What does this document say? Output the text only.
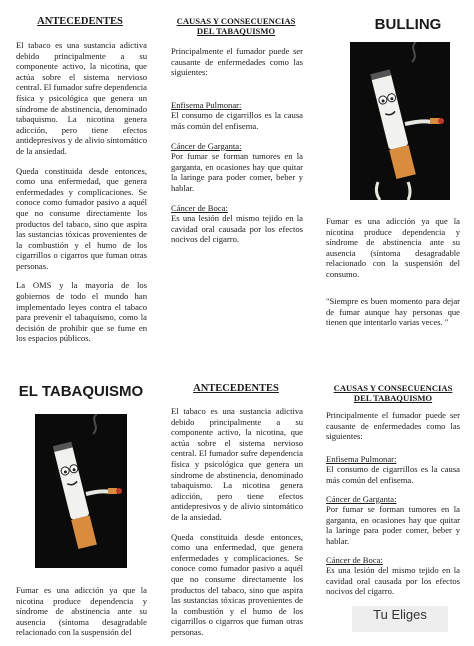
ANTECEDENTES

El tabaco es una sustancia adictiva debido principalmente a su componente activo, la nicotina, que actúa sobre el sistema nervioso central. El fumador sufre dependencia física y psicológica que genera un síndrome de abstinencia, denominado tabaquismo. La nicotina genera adicción, pero tiene efectos antidepresivos y de alivio sintomático de la ansiedad.

Queda constituida desde entonces, como una enfermedad, que genera enfermedades y complicaciones. Se conoce como fumador pasivo a aquél que no consume directamente los productos del tabaco, sino que aspira las sustancias tóxicas provenientes de la combustión y el humo de los cigarrillos o cigarros que fuman otras personas.

La OMS y la mayoría de los gobiernos de todo el mundo han implementado leyes contra el tabaco para prevenir el tabaquismo, como la decisión de prohibir que se fume en los espacios públicos.

CAUSAS Y CONSECUENCIAS DEL TABAQUISMO

Principalmente el fumador puede ser causante de enfermedades como las siguientes:

Enfisema Pulmonar:
El consumo de cigarrillos es la causa más común del enfisema.
Cáncer de Garganta:
Por fumar se forman tumores en la garganta, en ocasiones hay que quitar la laringe para poder comer, beber y hablar.
Cáncer de Boca:
Es una lesión del mismo tejido en la cavidad oral causada por los efectos nocivos del cigarro.
BULLING
Fumar es una adicción ya que la nicotina produce dependencia y síndrome de abstinencia ante su ausencia (síntoma desagradable relacionado con la suspensión del consumo.
"Siempre es buen momento para dejar de fumar aunque hay personas que tienen que intentarlo varias veces. "
EL TABAQUISMO
Fumar es una adicción ya que la nicotina produce dependencia y síndrome de abstinencia ante su ausencia (síntoma desagradable relacionado con la suspensión del
ANTECEDENTES

El tabaco es una sustancia adictiva debido principalmente a su componente activo, la nicotina, que actúa sobre el sistema nervioso central. El fumador sufre dependencia física y psicológica que genera un síndrome de abstinencia, denominado tabaquismo. La nicotina genera adicción, pero tiene efectos antidepresivos y de alivio sintomático de la ansiedad.

Queda constituida desde entonces, como una enfermedad, que genera enfermedades y complicaciones. Se conoce como fumador pasivo a aquél que no consume directamente los productos del tabaco, sino que aspira las sustancias tóxicas provenientes de la combustión y el humo de los cigarrillos o cigarros que fuman otras personas.

CAUSAS Y CONSECUENCIAS DEL TABAQUISMO

Principalmente el fumador puede ser causante de enfermedades como las siguientes:

Enfisema Pulmonar:
El consumo de cigarrillos es la causa más común del enfisema.
Cáncer de Garganta:
Por fumar se forman tumores en la garganta, en ocasiones hay que quitar la laringe para poder comer, beber y hablar.
Cáncer de Boca:
Es una lesión del mismo tejido en la cavidad oral causada por los efectos nocivos del cigarro.
Tu Eliges
